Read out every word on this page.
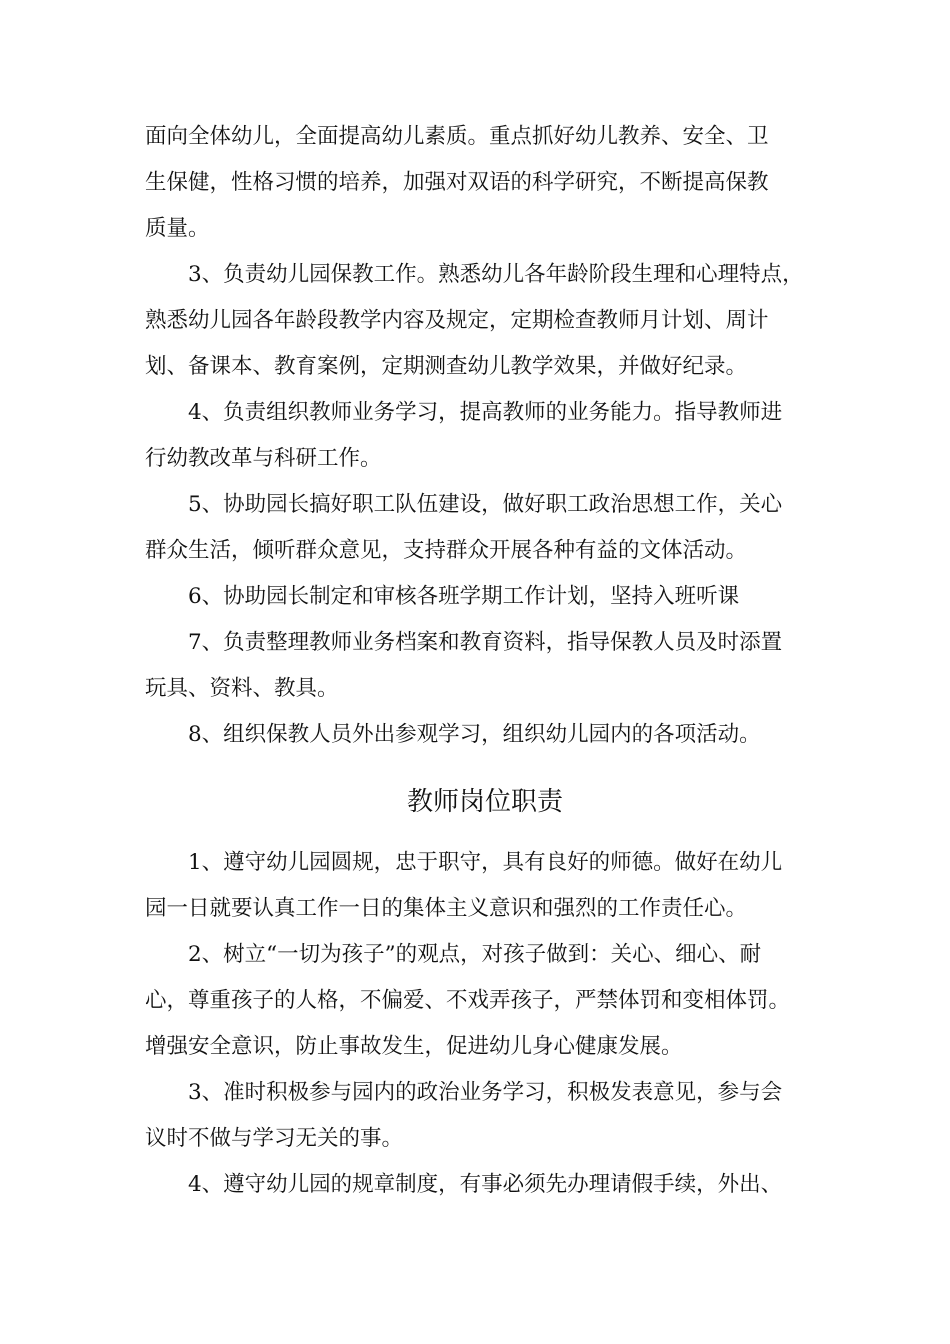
面向全体幼儿，全面提高幼儿素质。重点抓好幼儿教养、安全、卫
生保健，性格习惯的培养，加强对双语的科学研究，不断提高保教
质量。

3、负责幼儿园保教工作。熟悉幼儿各年龄阶段生理和心理特点，
熟悉幼儿园各年龄段教学内容及规定，定期检查教师月计划、周计
划、备课本、教育案例，定期测查幼儿教学效果，并做好纪录。

4、负责组织教师业务学习，提高教师的业务能力。指导教师进
行幼教改革与科研工作。

5、协助园长搞好职工队伍建设，做好职工政治思想工作，关心
群众生活，倾听群众意见，支持群众开展各种有益的文体活动。

6、协助园长制定和审核各班学期工作计划，坚持入班听课

7、负责整理教师业务档案和教育资料，指导保教人员及时添置
玩具、资料、教具。

8、组织保教人员外出参观学习，组织幼儿园内的各项活动。

教师岗位职责

1、遵守幼儿园圆规，忠于职守，具有良好的师德。做好在幼儿
园一日就要认真工作一日的集体主义意识和强烈的工作责任心。

2、树立“一切为孩子”的观点，对孩子做到：关心、细心、耐
心，尊重孩子的人格，不偏爱、不戏弄孩子，严禁体罚和变相体罚。
增强安全意识，防止事故发生，促进幼儿身心健康发展。

3、准时积极参与园内的政治业务学习，积极发表意见，参与会
议时不做与学习无关的事。

4、遵守幼儿园的规章制度，有事必须先办理请假手续，外出、
